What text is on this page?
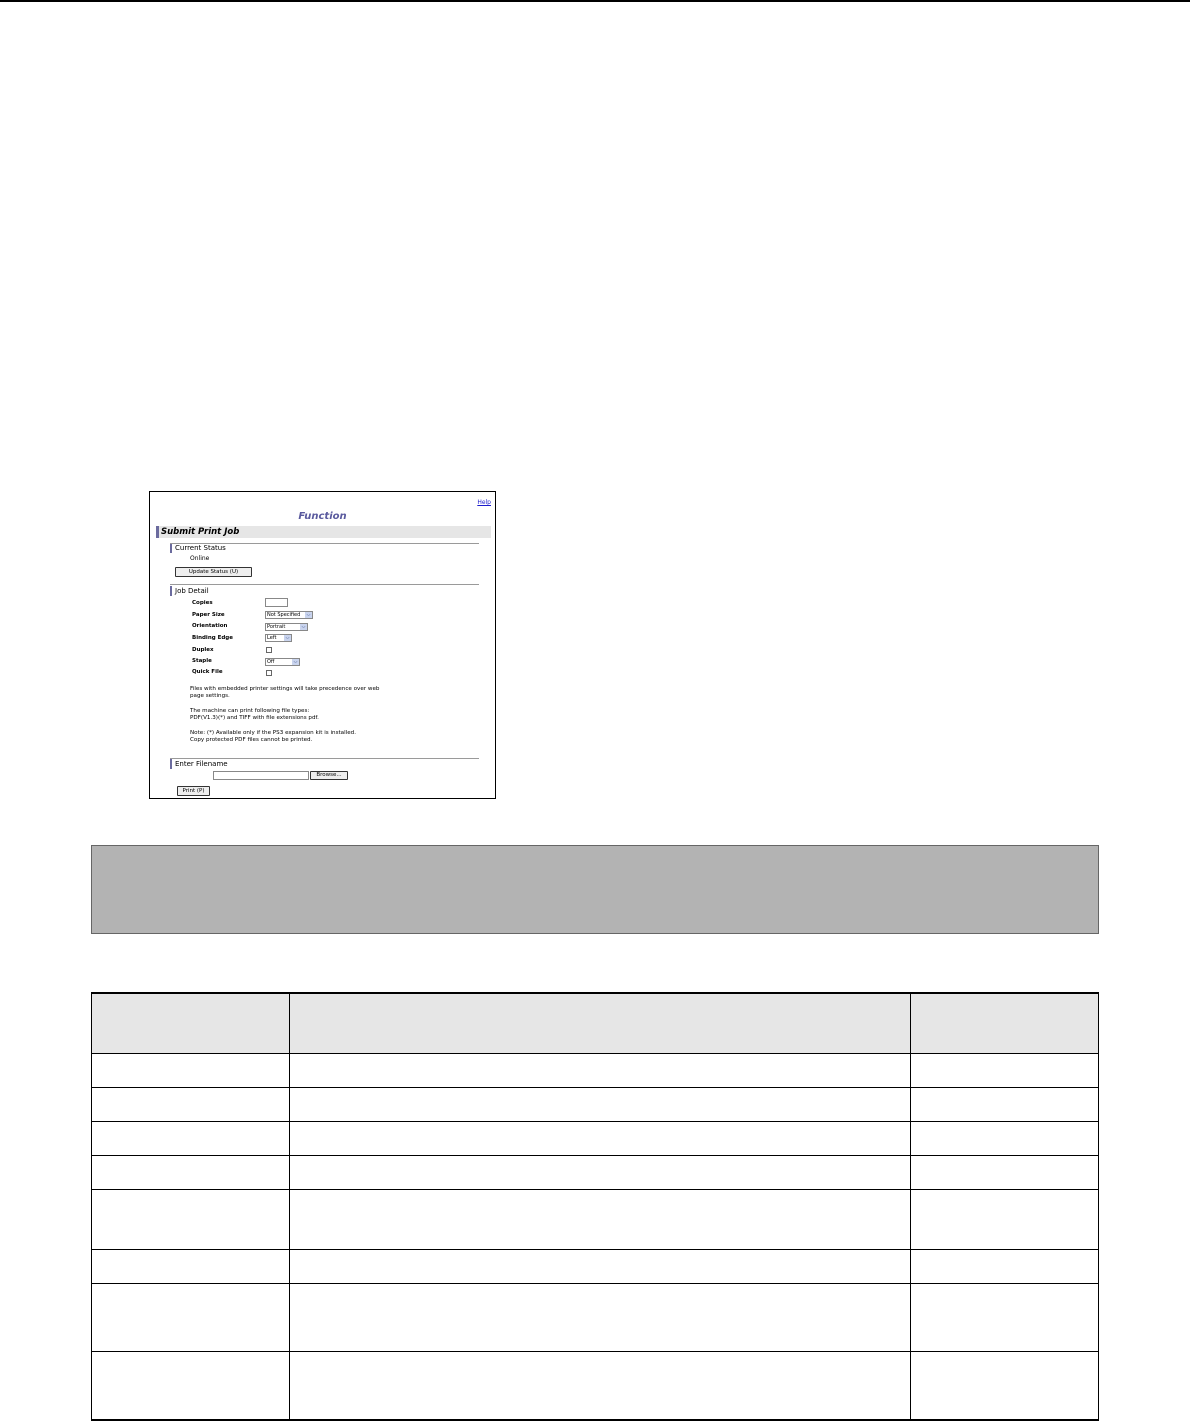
Help
Function
Submit Print Job
Current Status
Online
Update Status (U)
Job Detail
Copies
Paper Size	Not Specified	⌵
Orientation	Portrait	⌵
Binding Edge	Left	⌵
Duplex
Staple	Off	⌵
Quick File
Files with embedded printer settings will take precedence over web page settings.
The machine can print following file types:
PDF(V1.3)(*) and TIFF with file extensions pdf.
Note: (*) Available only if the PS3 expansion kit is installed.
Copy protected PDF files cannot be printed.
Enter Filename
Browse...
Print (P)
